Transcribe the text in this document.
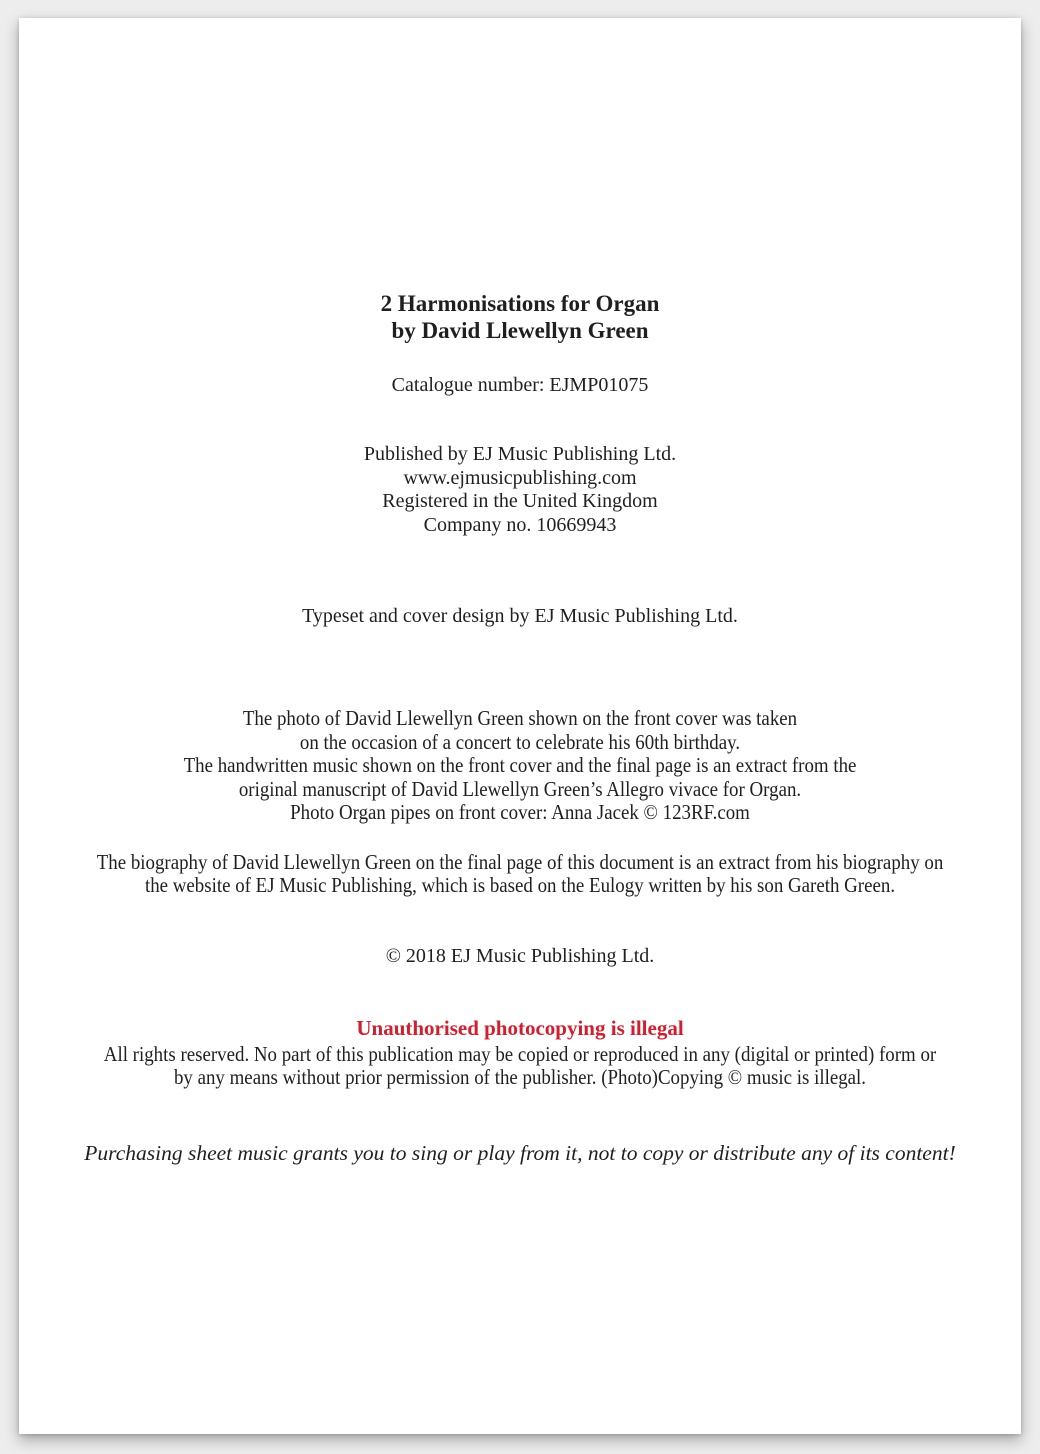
2 Harmonisations for Organ
by David Llewellyn Green
Catalogue number: EJMP01075
Published by EJ Music Publishing Ltd.
www.ejmusicpublishing.com
Registered in the United Kingdom
Company no. 10669943
Typeset and cover design by EJ Music Publishing Ltd.
The photo of David Llewellyn Green shown on the front cover was taken
on the occasion of a concert to celebrate his 60th birthday.
The handwritten music shown on the front cover and the final page is an extract from the
original manuscript of David Llewellyn Green’s Allegro vivace for Organ.
Photo Organ pipes on front cover: Anna Jacek © 123RF.com
The biography of David Llewellyn Green on the final page of this document is an extract from his biography on
the website of EJ Music Publishing, which is based on the Eulogy written by his son Gareth Green.
© 2018 EJ Music Publishing Ltd.
Unauthorised photocopying is illegal
All rights reserved. No part of this publication may be copied or reproduced in any (digital or printed) form or
by any means without prior permission of the publisher. (Photo)Copying © music is illegal.
Purchasing sheet music grants you to sing or play from it, not to copy or distribute any of its content!
